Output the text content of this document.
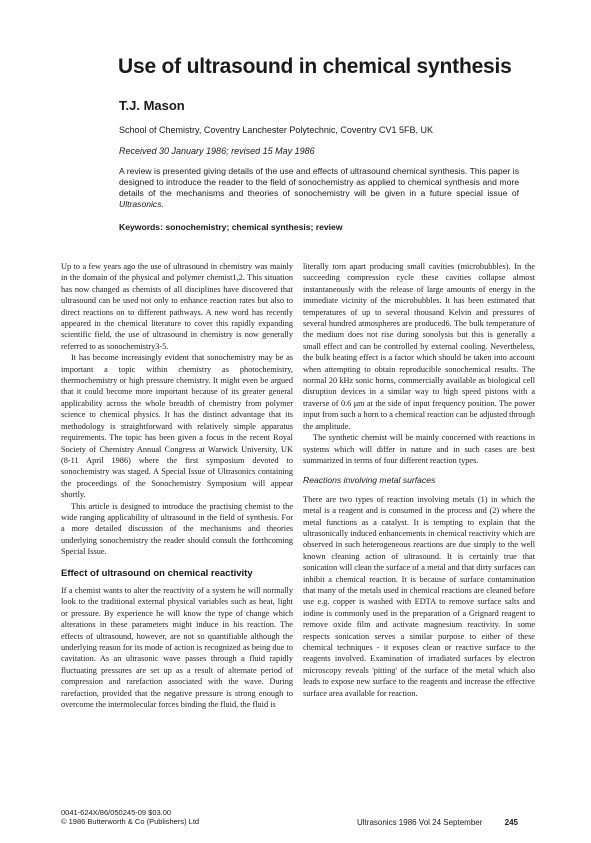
Use of ultrasound in chemical synthesis
T.J. Mason
School of Chemistry, Coventry Lanchester Polytechnic, Coventry CV1 5FB, UK
Received 30 January 1986; revised 15 May 1986
A review is presented giving details of the use and effects of ultrasound chemical synthesis. This paper is designed to introduce the reader to the field of sonochemistry as applied to chemical synthesis and more details of the mechanisms and theories of sonochemistry will be given in a future special issue of Ultrasonics.
Keywords: sonochemistry; chemical synthesis; review

Up to a few years ago the use of ultrasound in chemistry was mainly in the domain of the physical and polymer chemist1,2. This situation has now changed as chemists of all disciplines have discovered that ultrasound can be used not only to enhance reaction rates but also to direct reactions on to different pathways. A new word has recently appeared in the chemical literature to cover this rapidly expanding scientific field, the use of ultrasound in chemistry is now generally referred to as sonochemistry3-5.

It has become increasingly evident that sonochemistry may be as important a topic within chemistry as photochemistry, thermochemistry or high pressure chemistry. It might even be argued that it could become more important because of its greater general applicability across the whole breadth of chemistry from polymer science to chemical physics. It has the distinct advantage that its methodology is straightforward with relatively simple apparatus requirements. The topic has been given a focus in the recent Royal Society of Chemistry Annual Congress at Warwick University, UK (8-11 April 1986) where the first symposium devoted to sonochemistry was staged. A Special Issue of Ultrasonics containing the proceedings of the Sonochemistry Symposium will appear shortly.

This article is designed to introduce the practising chemist to the wide ranging applicability of ultrasound in the field of synthesis. For a more detailed discussion of the mechanisms and theories underlying sonochemistry the reader should consult the forthcoming Special Issue.

Effect of ultrasound on chemical reactivity

If a chemist wants to alter the reactivity of a system he will normally look to the traditional external physical variables such as heat, light or pressure. By experience he will know the type of change which alterations in these parameters might induce in his reaction. The effects of ultrasound, however, are not so quantifiable although the underlying reason for its mode of action is recognized as being due to cavitation. As an ultrasonic wave passes through a fluid rapidly fluctuating pressures are set up as a result of alternate period of compression and rarefaction associated with the wave. During rarefaction, provided that the negative pressure is strong enough to overcome the intermolecular forces binding the fluid, the fluid is

literally torn apart producing small cavities (microbubbles). In the succeeding compression cycle these cavities collapse almost instantaneously with the release of large amounts of energy in the immediate vicinity of the microbubbles. It has been estimated that temperatures of up to several thousand Kelvin and pressures of several hundred atmospheres are produced6. The bulk temperature of the medium does not rise during sonolysis but this is generally a small effect and can be controlled by external cooling. Nevertheless, the bulk heating effect is a factor which should be taken into account when attempting to obtain reproducible sonochemical results. The normal 20 kHz sonic horns, commercially available as biological cell disruption devices in a similar way to high speed pistons with a traverse of 0.6 μm at the side of input frequency position. The power input from such a horn to a chemical reaction can be adjusted through the amplitude.

The synthetic chemist will be mainly concerned with reactions in systems which will differ in nature and in such cases are best summarized in terms of four different reaction types.

Reactions involving metal surfaces

There are two types of reaction involving metals (1) in which the metal is a reagent and is consumed in the process and (2) where the metal functions as a catalyst. It is tempting to explain that the ultrasonically induced enhancements in chemical reactivity which are observed in such heterogeneous reactions are due simply to the well known cleaning action of ultrasound. It is certainly true that sonication will clean the surface of a metal and that dirty surfaces can inhibit a chemical reaction. It is because of surface contamination that many of the metals used in chemical reactions are cleaned before use e.g. copper is washed with EDTA to remove surface salts and iodine is commonly used in the preparation of a Grignard reagent to remove oxide film and activate magnesium reactivity. In some respects sonication serves a similar purpose to either of these chemical techniques - it exposes clean or reactive surface to the reagents involved. Examination of irradiated surfaces by electron microscopy reveals 'pitting' of the surface of the metal which also leads to expose new surface to the reagents and increase the effective surface area available for reaction.

0041-624X/86/050245-09 $03.00
© 1986 Butterworth & Co (Publishers) Ltd	Ultrasonics 1986 Vol 24 September	245
